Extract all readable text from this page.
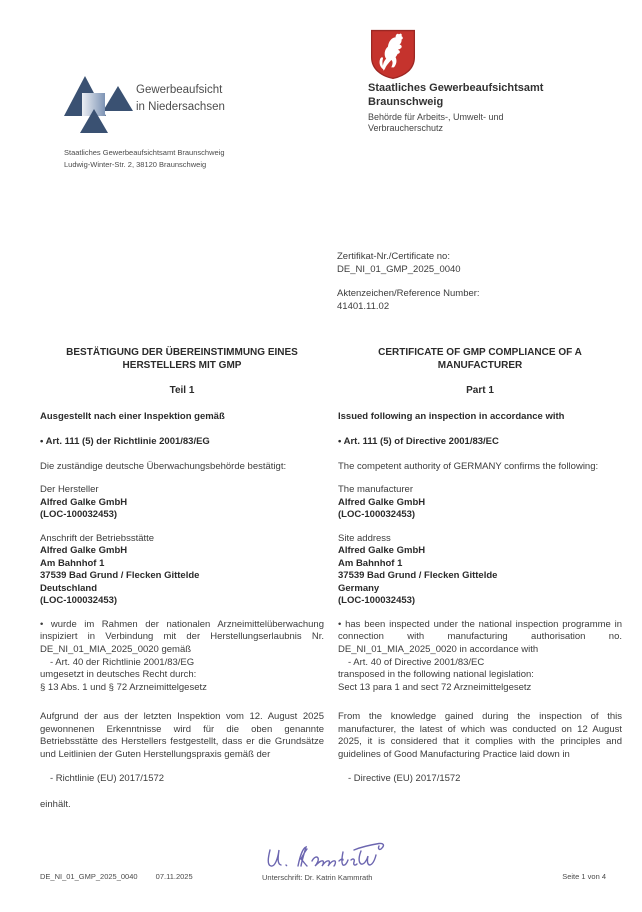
Gewerbeaufsicht
in Niedersachsen
Staatliches Gewerbeaufsichtsamt Braunschweig
Ludwig-Winter-Str. 2, 38120 Braunschweig
Staatliches Gewerbeaufsichtsamt
Braunschweig
Behörde für Arbeits-, Umwelt- und
Verbraucherschutz
Zertifikat-Nr./Certificate no:
DE_NI_01_GMP_2025_0040
Aktenzeichen/Reference Number:
41401.11.02

BESTÄTIGUNG DER ÜBEREINSTIMMUNG EINES HERSTELLERS MIT GMP

Teil 1

Ausgestellt nach einer Inspektion gemäß

• Art. 111 (5) der Richtlinie 2001/83/EG

Die zuständige deutsche Überwachungsbehörde bestätigt:

Der Hersteller
Alfred Galke GmbH
(LOC-100032453)
Anschrift der Betriebsstätte
Alfred Galke GmbH
Am Bahnhof 1
37539 Bad Grund / Flecken Gittelde
Deutschland
(LOC-100032453)
• wurde im Rahmen der nationalen Arzneimittelüberwachung inspiziert in Verbindung mit der Herstellungserlaubnis Nr. DE_NI_01_MIA_2025_0020 gemäß
- Art. 40 der Richtlinie 2001/83/EG
umgesetzt in deutsches Recht durch:
§ 13 Abs. 1 und § 72 Arzneimittelgesetz

Aufgrund der aus der letzten Inspektion vom 12. August 2025 gewonnenen Erkenntnisse wird für die oben genannte Betriebsstätte des Herstellers festgestellt, dass er die Grundsätze und Leitlinien der Guten Herstellungspraxis gemäß der

- Richtlinie (EU) 2017/1572
einhält.

CERTIFICATE OF GMP COMPLIANCE OF A MANUFACTURER

Part 1

Issued following an inspection in accordance with

• Art. 111 (5) of Directive 2001/83/EC

The competent authority of GERMANY confirms the following:

The manufacturer
Alfred Galke GmbH
(LOC-100032453)
Site address
Alfred Galke GmbH
Am Bahnhof 1
37539 Bad Grund / Flecken Gittelde
Germany
(LOC-100032453)
• has been inspected under the national inspection programme in connection with manufacturing authorisation no. DE_NI_01_MIA_2025_0020 in accordance with
- Art. 40 of Directive 2001/83/EC
transposed in the following national legislation:
Sect 13 para 1 and sect 72 Arzneimittelgesetz

From the knowledge gained during the inspection of this manufacturer, the latest of which was conducted on 12 August 2025, it is considered that it complies with the principles and guidelines of Good Manufacturing Practice laid down in

- Directive (EU) 2017/1572
DE_NI_01_GMP_2025_0040 07.11.2025	Unterschrift: Dr. Katrin Kammrath	Seite 1 von 4
